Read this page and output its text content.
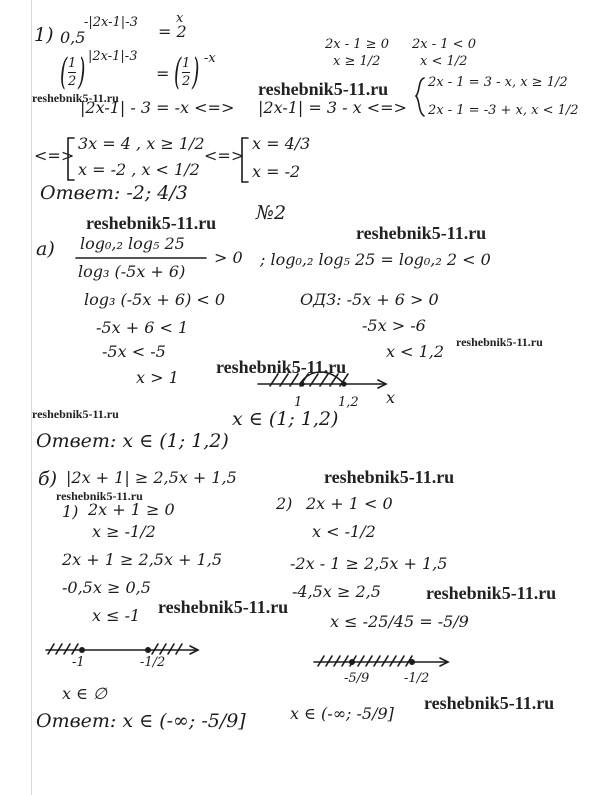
1) 0,5
-|2x-1|-3 = 2
x
( 1
2 ) |2x-1|-3
= ( 1
2 ) -x
2x - 1 ≥ 0
x ≥ 1/2
2x - 1 < 0
x < 1/2
reshebnik5-11.ru
reshebnik5-11.ru
|2x-1| - 3 = -x <=> |2x-1| = 3 - x <=>
2x - 1 = 3 - x, x ≥ 1/2
2x - 1 = -3 + x, x < 1/2
<=>
3x = 4 , x ≥ 1/2
x = -2 , x < 1/2
<=>
x = 4/3
x = -2
Ответ: -2; 4/3
reshebnik5-11.ru №2
reshebnik5-11.ru
а) log₀,₂ log₅ 25
log₃ (-5x + 6)
> 0 ; log₀,₂ log₅ 25 = log₀,₂ 2 < 0
log₃ (-5x + 6) < 0
-5x + 6 < 1
-5x < -5
x > 1
ОДЗ: -5x + 6 > 0
-5x > -6
x < 1,2 reshebnik5-11.ru
reshebnik5-11.ru
1	1,2 x
x ∈ (1; 1,2)
reshebnik5-11.ru
Ответ: x ∈ (1; 1,2)
б) |2x + 1| ≥ 2,5x + 1,5	reshebnik5-11.ru
reshebnik5-11.ru
1) 2x + 1 ≥ 0
x ≥ -1/2
2x + 1 ≥ 2,5x + 1,5
-0,5x ≥ 0,5
x ≤ -1 reshebnik5-11.ru
-1	-1/2
x ∈ ∅
2) 2x + 1 < 0
x < -1/2
-2x - 1 ≥ 2,5x + 1,5
-4,5x ≥ 2,5	reshebnik5-11.ru
x ≤ -25/45 = -5/9
-5/9	-1/2
reshebnik5-11.ru
x ∈ (-∞; -5/9]
Ответ: x ∈ (-∞; -5/9]
